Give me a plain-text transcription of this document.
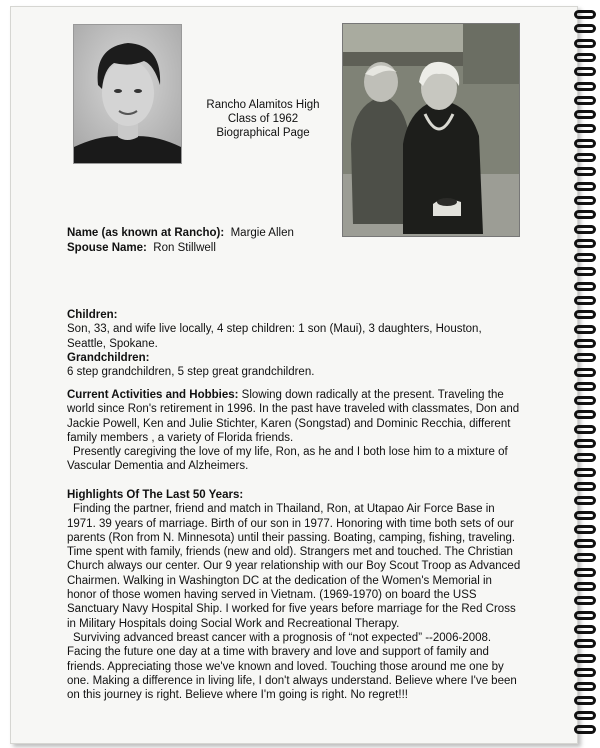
Rancho Alamitos High
Class of 1962
Biographical Page
Name (as known at Rancho): Margie Allen
Spouse Name: Ron Stillwell

Children:

Son, 33, and wife live locally, 4 step children: 1 son (Maui), 3 daughters, Houston, Seattle, Spokane.

Grandchildren:

6 step grandchildren, 5 step great grandchildren.

Current Activities and Hobbies: Slowing down radically at the present. Traveling the world since Ron's retirement in 1996. In the past have traveled with classmates, Don and Jackie Powell, Ken and Julie Stichter, Karen (Songstad) and Dominic Recchia, different family members , a variety of Florida friends.

Presently caregiving the love of my life, Ron, as he and I both lose him to a mixture of Vascular Dementia and Alzheimers.

Highlights Of The Last 50 Years:

Finding the partner, friend and match in Thailand, Ron, at Utapao Air Force Base in 1971. 39 years of marriage. Birth of our son in 1977. Honoring with time both sets of our parents (Ron from N. Minnesota) until their passing. Boating, camping, fishing, traveling. Time spent with family, friends (new and old). Strangers met and touched. The Christian Church always our center. Our 9 year relationship with our Boy Scout Troop as Advanced Chairmen. Walking in Washington DC at the dedication of the Women's Memorial in honor of those women having served in Vietnam. (1969-1970) on board the USS Sanctuary Navy Hospital Ship. I worked for five years before marriage for the Red Cross in Military Hospitals doing Social Work and Recreational Therapy.

Surviving advanced breast cancer with a prognosis of “not expected” --2006-2008. Facing the future one day at a time with bravery and love and support of family and friends. Appreciating those we've known and loved. Touching those around me one by one. Making a difference in living life, I don't always understand. Believe where I've been on this journey is right. Believe where I'm going is right. No regret!!!
